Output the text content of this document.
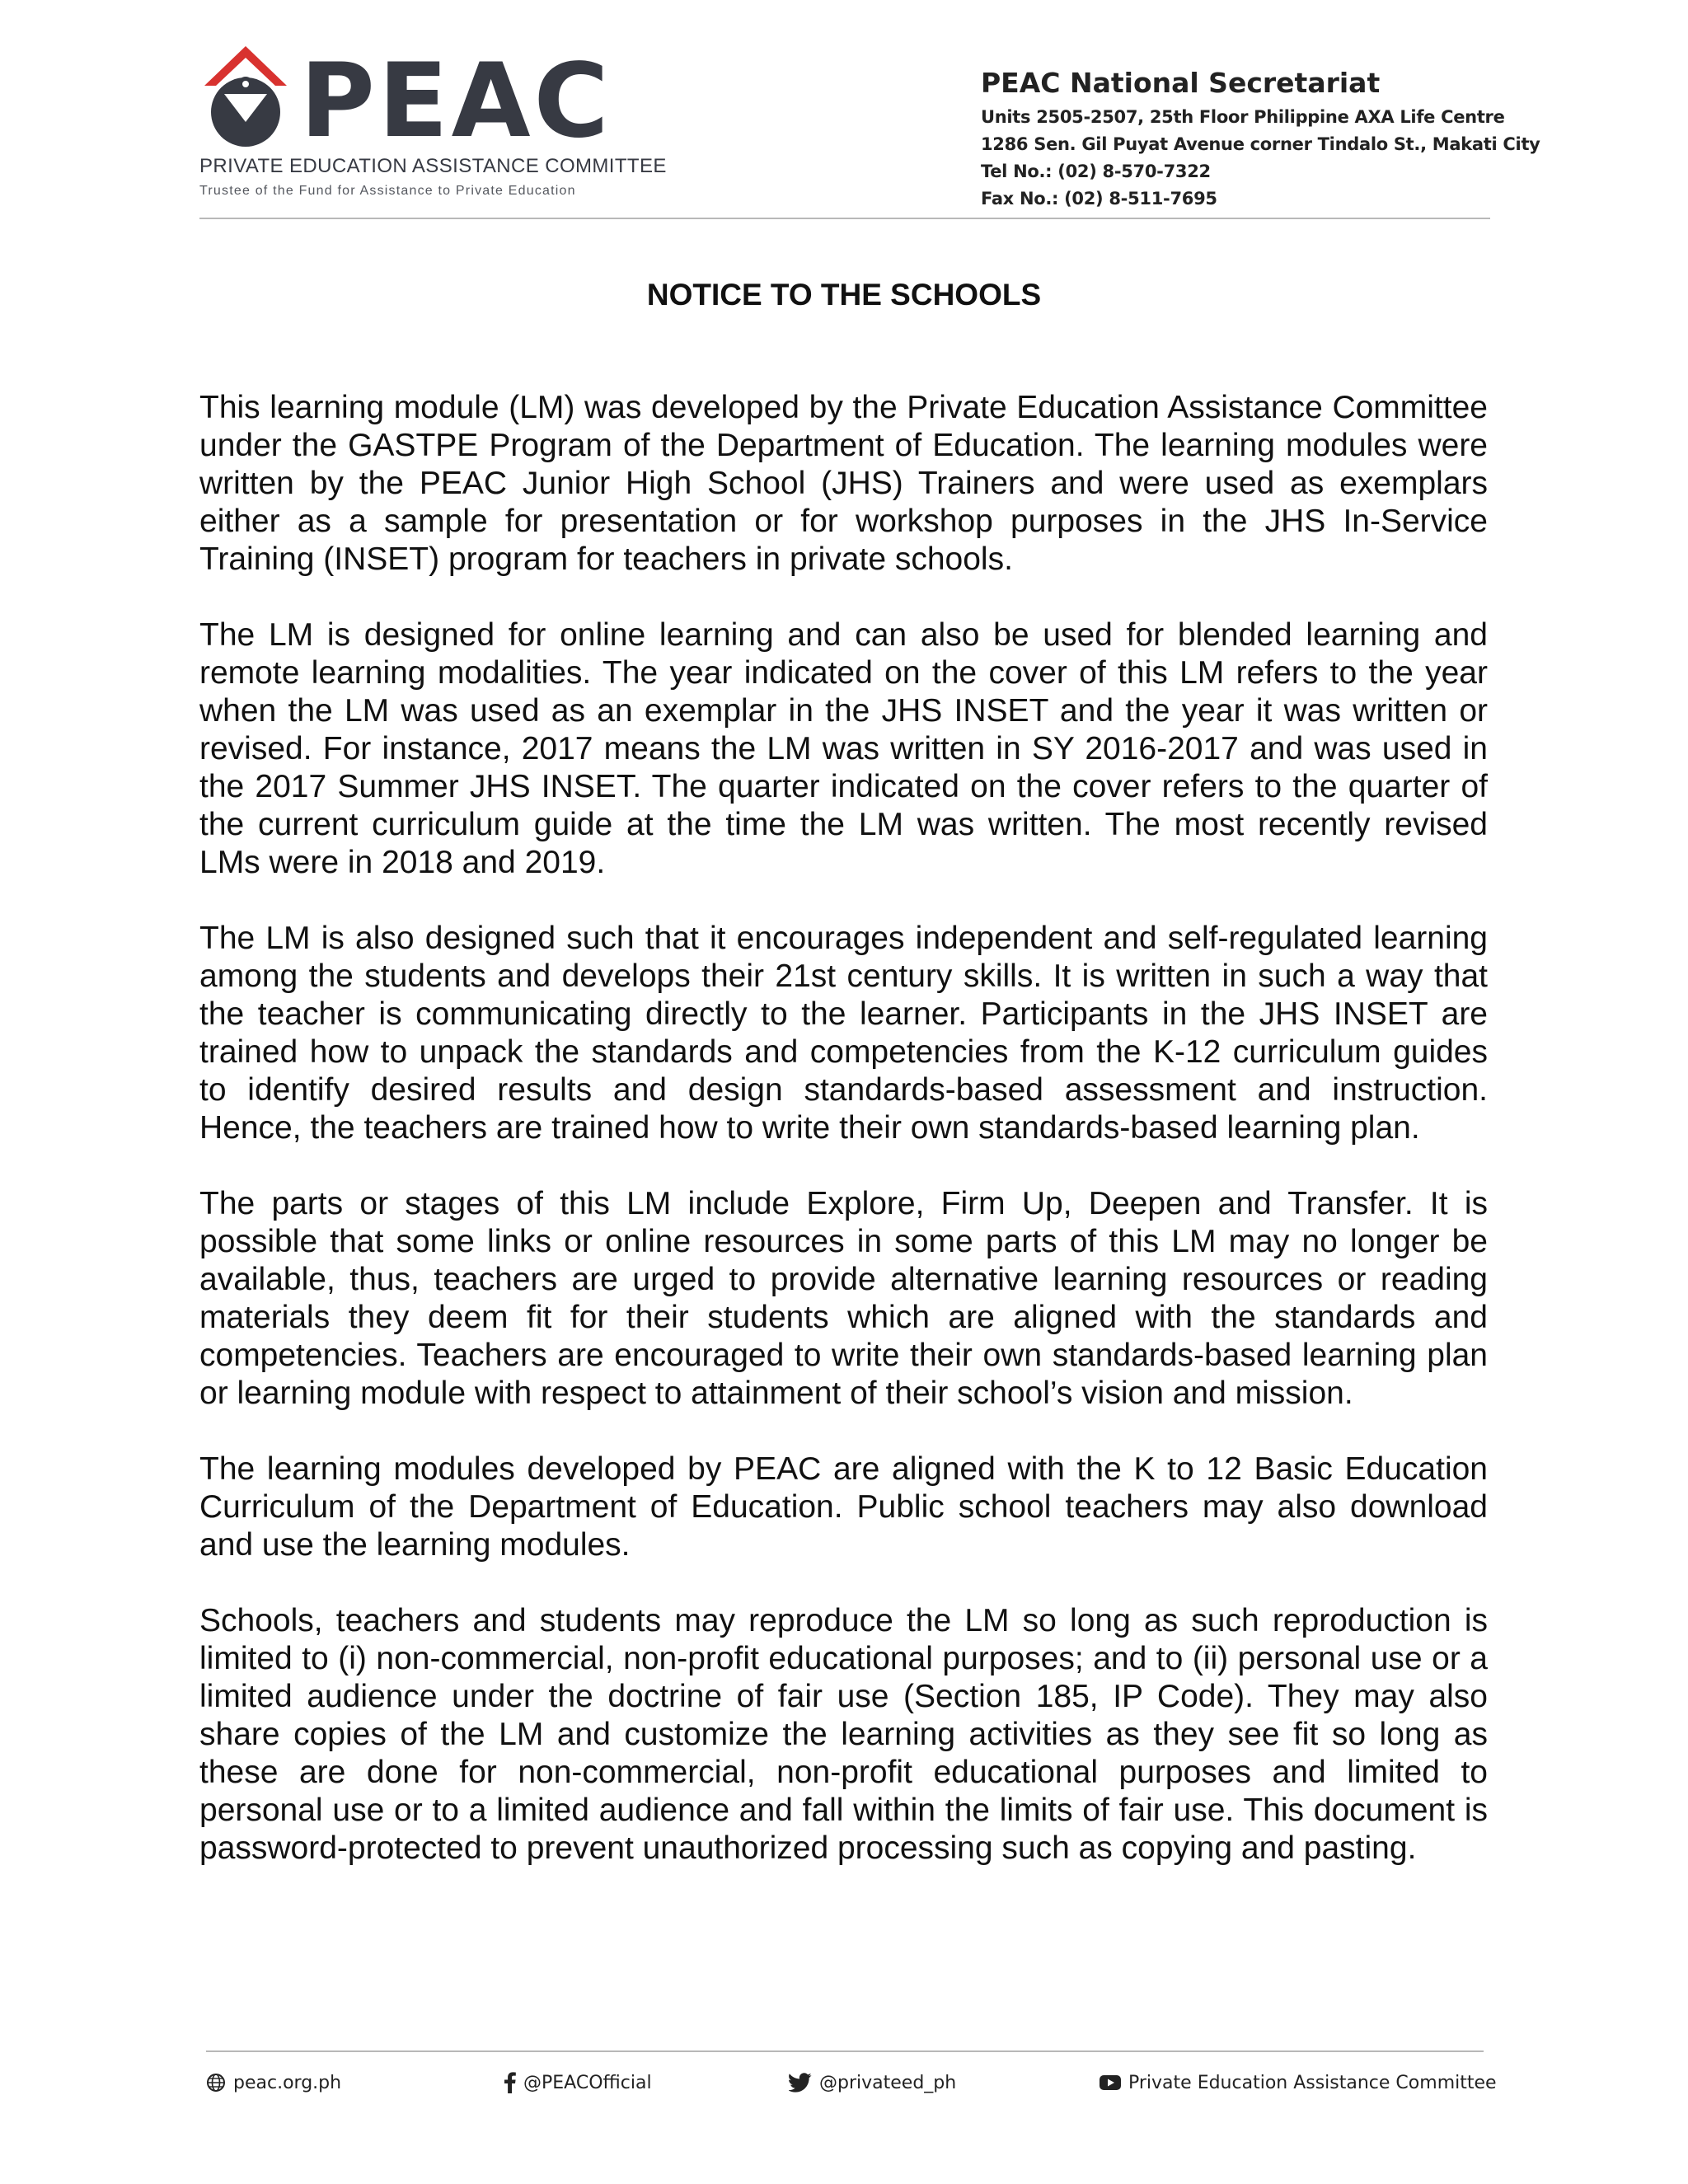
PEAC
PRIVATE EDUCATION ASSISTANCE COMMITTEE
Trustee of the Fund for Assistance to Private Education
PEAC National Secretariat
Units 2505-2507, 25th Floor Philippine AXA Life Centre
1286 Sen. Gil Puyat Avenue corner Tindalo St., Makati City
Tel No.: (02) 8-570-7322
Fax No.: (02) 8-511-7695
NOTICE TO THE SCHOOLS

This learning module (LM) was developed by the Private Education Assistance Committee under the GASTPE Program of the Department of Education. The learning modules were written by the PEAC Junior High School (JHS) Trainers and were used as exemplars either as a sample for presentation or for workshop purposes in the JHS In-Service Training (INSET) program for teachers in private schools.

The LM is designed for online learning and can also be used for blended learning and remote learning modalities. The year indicated on the cover of this LM refers to the year when the LM was used as an exemplar in the JHS INSET and the year it was written or revised. For instance, 2017 means the LM was written in SY 2016-2017 and was used in the 2017 Summer JHS INSET. The quarter indicated on the cover refers to the quarter of the current curriculum guide at the time the LM was written. The most recently revised LMs were in 2018 and 2019.

The LM is also designed such that it encourages independent and self-regulated learning among the students and develops their 21st century skills. It is written in such a way that the teacher is communicating directly to the learner. Participants in the JHS INSET are trained how to unpack the standards and competencies from the K-12 curriculum guides to identify desired results and design standards-based assessment and instruction. Hence, the teachers are trained how to write their own standards-based learning plan.

The parts or stages of this LM include Explore, Firm Up, Deepen and Transfer. It is possible that some links or online resources in some parts of this LM may no longer be available, thus, teachers are urged to provide alternative learning resources or reading materials they deem fit for their students which are aligned with the standards and competencies. Teachers are encouraged to write their own standards-based learning plan or learning module with respect to attainment of their school’s vision and mission.

The learning modules developed by PEAC are aligned with the K to 12 Basic Education Curriculum of the Department of Education. Public school teachers may also download and use the learning modules.

Schools, teachers and students may reproduce the LM so long as such reproduction is limited to (i) non-commercial, non-profit educational purposes; and to (ii) personal use or a limited audience under the doctrine of fair use (Section 185, IP Code). They may also share copies of the LM and customize the learning activities as they see fit so long as these are done for non-commercial, non-profit educational purposes and limited to personal use or to a limited audience and fall within the limits of fair use. This document is password-protected to prevent unauthorized processing such as copying and pasting.

peac.org.ph	@PEACOfficial	@privateed_ph	Private Education Assistance Committee
